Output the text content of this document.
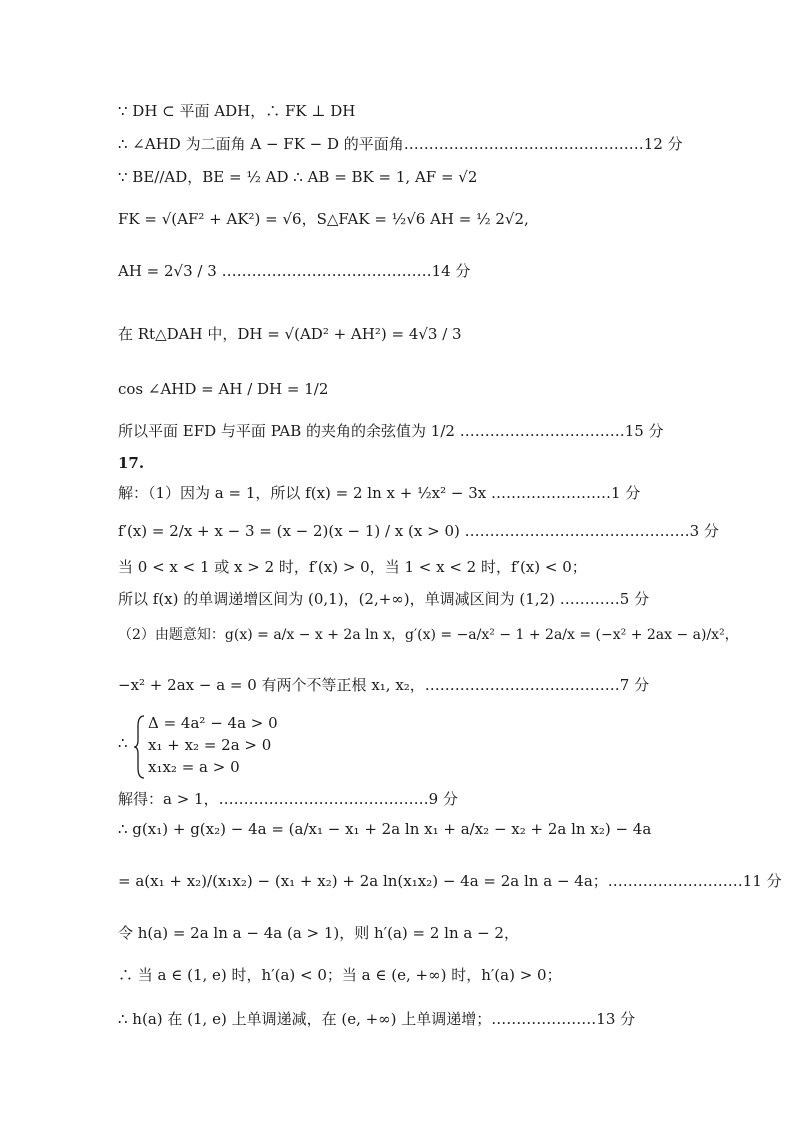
∵ DH ⊂ 平面 ADH，∴ FK ⊥ DH
∴ ∠AHD 为二面角 A − FK − D 的平面角…………………………………………12 分
∵ BE//AD，BE = ½ AD ∴ AB = BK = 1, AF = √2
FK = √(AF² + AK²) = √6，S△FAK = ½√6 AH = ½ 2√2,
AH = 2√3 / 3 ……………………………………14 分
在 Rt△DAH 中，DH = √(AD² + AH²) = 4√3 / 3
cos ∠AHD = AH / DH = 1/2
所以平面 EFD 与平面 PAB 的夹角的余弦值为 1/2 ……………………………15 分
17.
解：（1）因为 a = 1，所以 f(x) = 2 ln x + ½x² − 3x ……………………1 分
f′(x) = 2/x + x − 3 = (x − 2)(x − 1) / x (x > 0) ………………………………………3 分
当 0 < x < 1 或 x > 2 时，f′(x) > 0，当 1 < x < 2 时，f′(x) < 0；
所以 f(x) 的单调递增区间为 (0,1)，(2,+∞)，单调减区间为 (1,2) …………5 分
（2）由题意知：g(x) = a/x − x + 2a ln x，g′(x) = −a/x² − 1 + 2a/x = (−x² + 2ax − a)/x²，
−x² + 2ax − a = 0 有两个不等正根 x₁, x₂，…………………………………7 分
∴
Δ = 4a² − 4a > 0
x₁ + x₂ = 2a > 0
x₁x₂ = a > 0
解得：a > 1，……………………………………9 分
∴ g(x₁) + g(x₂) − 4a = (a/x₁ − x₁ + 2a ln x₁ + a/x₂ − x₂ + 2a ln x₂) − 4a
= a(x₁ + x₂)/(x₁x₂) − (x₁ + x₂) + 2a ln(x₁x₂) − 4a = 2a ln a − 4a；………………………11 分
令 h(a) = 2a ln a − 4a (a > 1)，则 h′(a) = 2 ln a − 2，
∴ 当 a ∈ (1, e) 时，h′(a) < 0；当 a ∈ (e, +∞) 时，h′(a) > 0；
∴ h(a) 在 (1, e) 上单调递减，在 (e, +∞) 上单调递增；…………………13 分
